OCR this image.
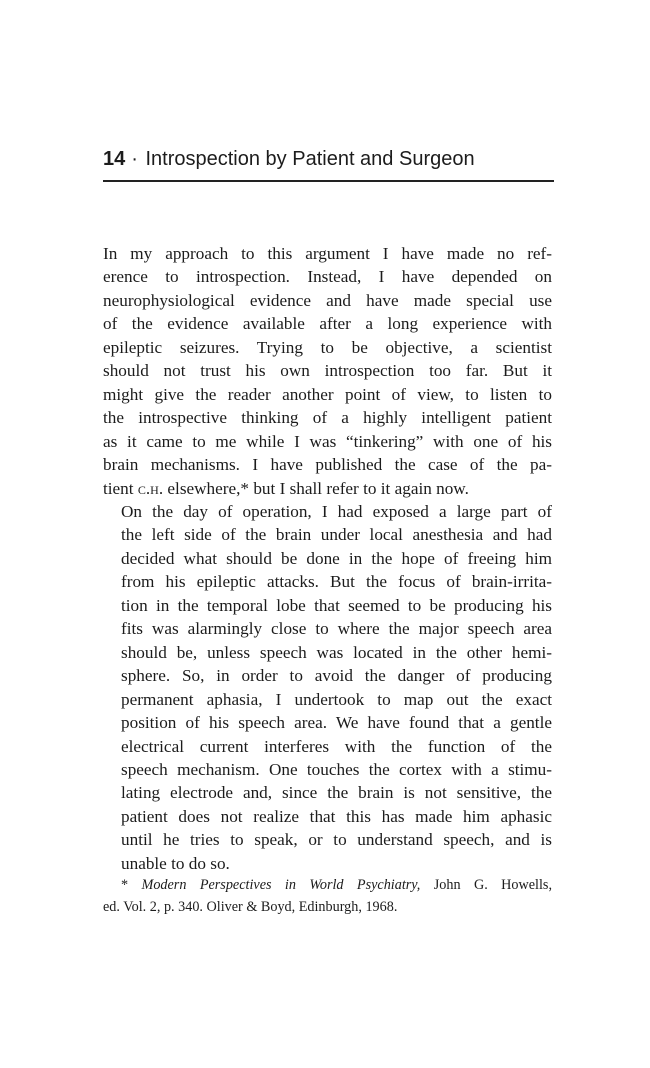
14 · Introspection by Patient and Surgeon

In my approach to this argument I have made no ref-
erence to introspection. Instead, I have depended on
neurophysiological evidence and have made special use
of the evidence available after a long experience with
epileptic seizures. Trying to be objective, a scientist
should not trust his own introspection too far. But it
might give the reader another point of view, to listen to
the introspective thinking of a highly intelligent patient
as it came to me while I was “tinkering” with one of his
brain mechanisms. I have published the case of the pa-
tient c.h. elsewhere,* but I shall refer to it again now.

On the day of operation, I had exposed a large part of
the left side of the brain under local anesthesia and had
decided what should be done in the hope of freeing him
from his epileptic attacks. But the focus of brain-irrita-
tion in the temporal lobe that seemed to be producing his
fits was alarmingly close to where the major speech area
should be, unless speech was located in the other hemi-
sphere. So, in order to avoid the danger of producing
permanent aphasia, I undertook to map out the exact
position of his speech area. We have found that a gentle
electrical current interferes with the function of the
speech mechanism. One touches the cortex with a stimu-
lating electrode and, since the brain is not sensitive, the
patient does not realize that this has made him aphasic
until he tries to speak, or to understand speech, and is
unable to do so.

* Modern Perspectives in World Psychiatry, John G. Howells,
ed. Vol. 2, p. 340. Oliver & Boyd, Edinburgh, 1968.
